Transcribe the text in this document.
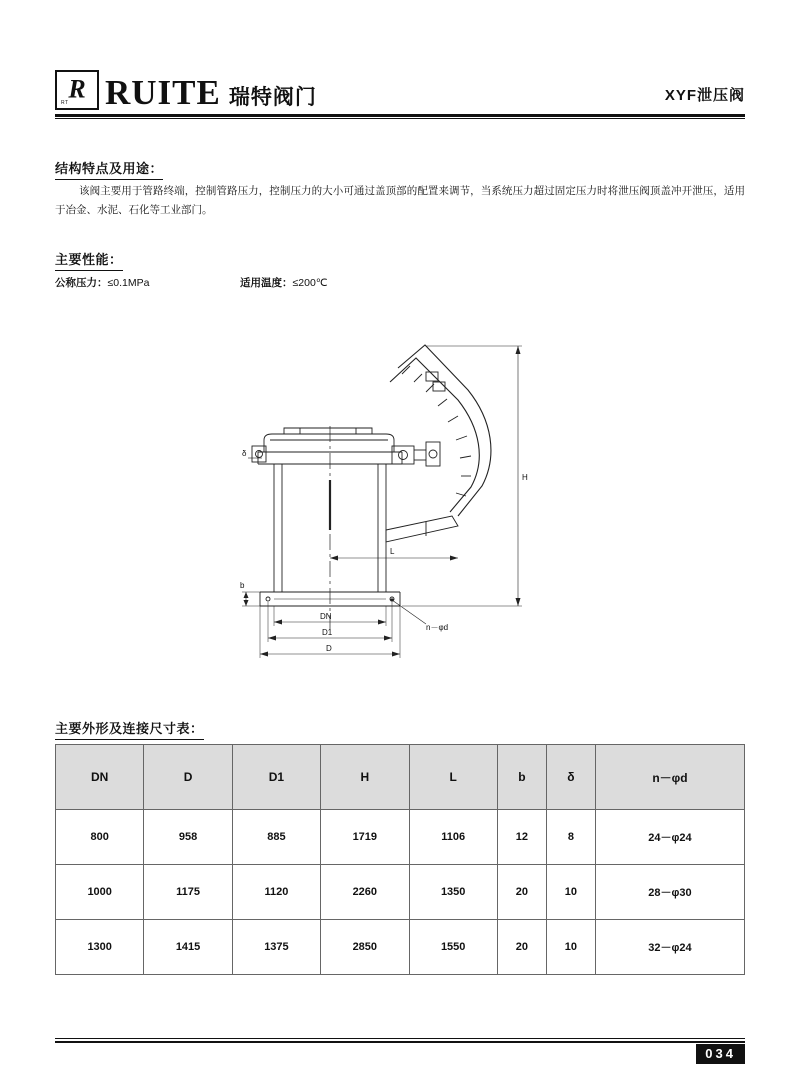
R
RT RUITE 瑞特阀门	XYF泄压阀
结构特点及用途：
该阀主要用于管路终端，控制管路压力，控制压力的大小可通过盖顶部的配置来调节，当系统压力超过固定压力时将泄压阀顶盖冲开泄压，适用于冶金、水泥、石化等工业部门。
主要性能：
公称压力：≤0.1MPa	适用温度：≤200℃
H
L
b
δ
DN
D1
D
n－φd
主要外形及连接尺寸表：
DN	D	D1	H	L	b	δ	n－φd
800	958	885	1719	1106	12	8	24－φ24
1000	1175	1120	2260	1350	20	10	28－φ30
1300	1415	1375	2850	1550	20	10	32－φ24
034
